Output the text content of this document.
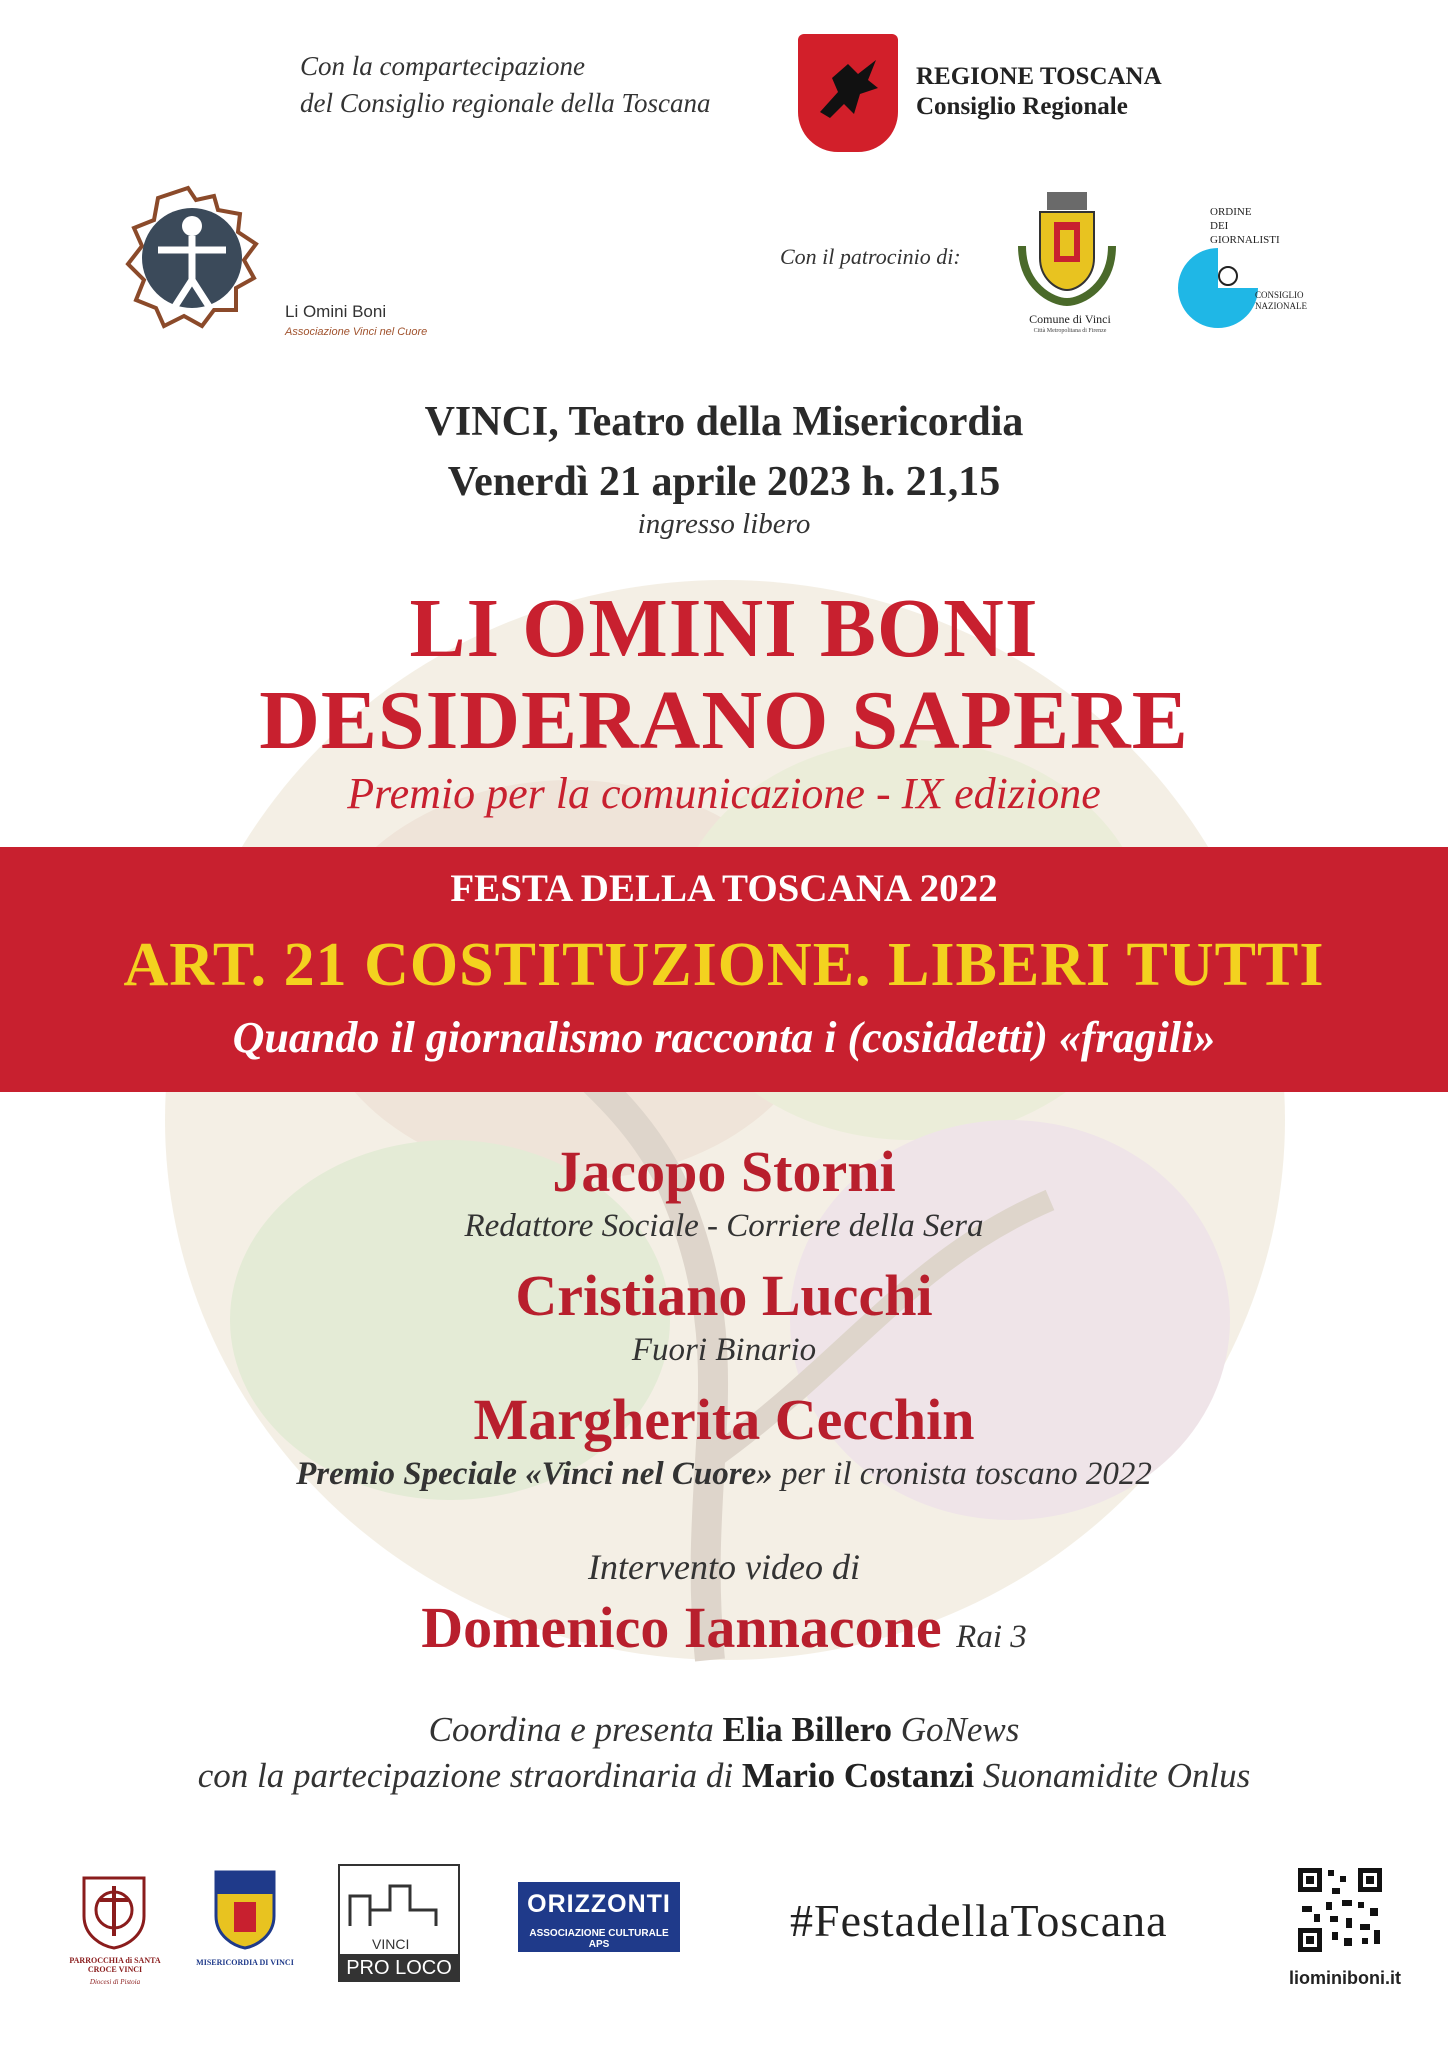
Con la compartecipazione
del Consiglio regionale della Toscana
REGIONE TOSCANA
Consiglio Regionale
Li Omini Boni
Associazione Vinci nel Cuore
Con il patrocinio di:
Comune di Vinci
Città Metropolitana di Firenze
ORDINE
DEI
GIORNALISTI
CONSIGLIO
NAZIONALE
VINCI, Teatro della Misericordia
Venerdì 21 aprile 2023 h. 21,15
ingresso libero
LI OMINI BONI
DESIDERANO SAPERE
Premio per la comunicazione - IX edizione
FESTA DELLA TOSCANA 2022
ART. 21 COSTITUZIONE. LIBERI TUTTI
Quando il giornalismo racconta i (cosiddetti) «fragili»
Jacopo Storni
Redattore Sociale - Corriere della Sera
Cristiano Lucchi
Fuori Binario
Margherita Cecchin
Premio Speciale «Vinci nel Cuore» per il cronista toscano 2022
Intervento video di
Domenico Iannacone Rai 3
Coordina e presenta Elia Billero GoNews
con la partecipazione straordinaria di Mario Costanzi Suonamidite Onlus
PARROCCHIA di SANTA CROCE VINCI
Diocesi di Pistoia
MISERICORDIA DI VINCI
VINCI
PRO LOCO
ORIZZONTI
ASSOCIAZIONE CULTURALE APS	#FestadellaToscana
liominiboni.it
